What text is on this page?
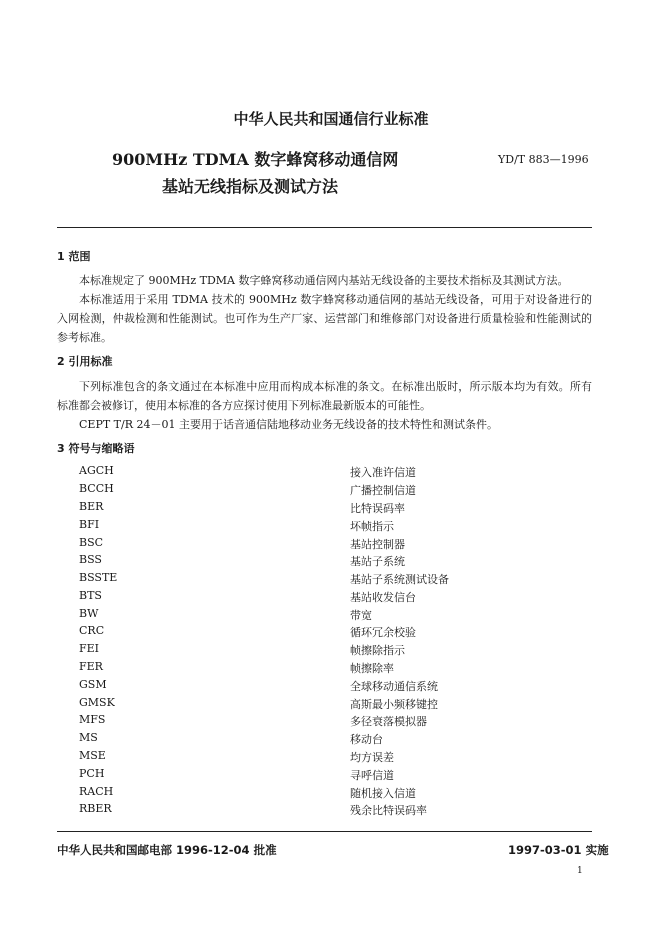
中华人民共和国通信行业标准
900MHz TDMA 数字蜂窝移动通信网
基站无线指标及测试方法
YD/T 883—1996
1 范围
本标准规定了 900MHz TDMA 数字蜂窝移动通信网内基站无线设备的主要技术指标及其测试方法。
本标准适用于采用 TDMA 技术的 900MHz 数字蜂窝移动通信网的基站无线设备，可用于对设备进行的入网检测，仲裁检测和性能测试。也可作为生产厂家、运营部门和维修部门对设备进行质量检验和性能测试的参考标准。
2 引用标准
下列标准包含的条文通过在本标准中应用而构成本标准的条文。在标准出版时，所示版本均为有效。所有标准都会被修订，使用本标准的各方应探讨使用下列标准最新版本的可能性。
CEPT T/R 24－01 主要用于话音通信陆地移动业务无线设备的技术特性和测试条件。
3 符号与缩略语
AGCH	接入准许信道
BCCH	广播控制信道
BER	比特误码率
BFI	坏帧指示
BSC	基站控制器
BSS	基站子系统
BSSTE	基站子系统测试设备
BTS	基站收发信台
BW	带宽
CRC	循环冗余校验
FEI	帧擦除指示
FER	帧擦除率
GSM	全球移动通信系统
GMSK	高斯最小频移键控
MFS	多径衰落模拟器
MS	移动台
MSE	均方误差
PCH	寻呼信道
RACH	随机接入信道
RBER	残余比特误码率
中华人民共和国邮电部 1996-12-04 批准	1997-03-01 实施
1
